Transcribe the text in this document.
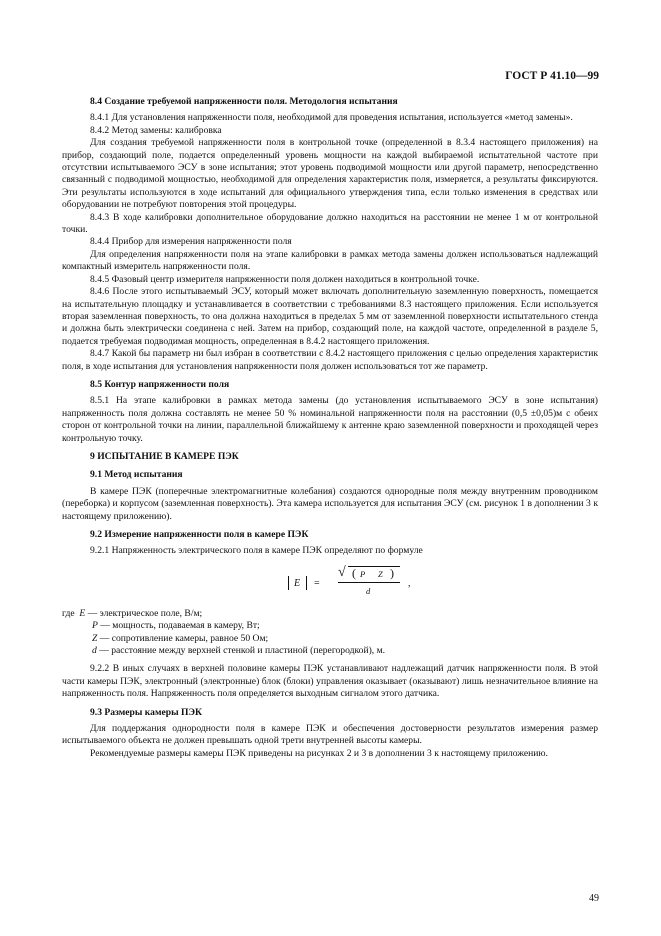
ГОСТ Р 41.10—99

8.4 Создание требуемой напряженности поля. Методология испытания

8.4.1 Для установления напряженности поля, необходимой для проведения испытания, используется «метод замены».

8.4.2 Метод замены: калибровка

Для создания требуемой напряженности поля в контрольной точке (определенной в 8.3.4 настоящего приложения) на прибор, создающий поле, подается определенный уровень мощности на каждой выбираемой испытательной частоте при отсутствии испытываемого ЭСУ в зоне испытания; этот уровень подводимой мощности или другой параметр, непосредственно связанный с подводимой мощностью, необходимой для определения характеристик поля, измеряется, а результаты фиксируются. Эти результаты используются в ходе испытаний для официального утверждения типа, если только изменения в средствах или оборудовании не потребуют повторения этой процедуры.

8.4.3 В ходе калибровки дополнительное оборудование должно находиться на расстоянии не менее 1 м от контрольной точки.

8.4.4 Прибор для измерения напряженности поля

Для определения напряженности поля на этапе калибровки в рамках метода замены должен использоваться надлежащий компактный измеритель напряженности поля.

8.4.5 Фазовый центр измерителя напряженности поля должен находиться в контрольной точке.

8.4.6 После этого испытываемый ЭСУ, который может включать дополнительную заземленную поверхность, помещается на испытательную площадку и устанавливается в соответствии с требованиями 8.3 настоящего приложения. Если используется вторая заземленная поверхность, то она должна находиться в пределах 5 мм от заземленной поверхности испытательного стенда и должна быть электрически соединена с ней. Затем на прибор, создающий поле, на каждой частоте, определенной в разделе 5, подается требуемая подводимая мощность, определенная в 8.4.2 настоящего приложения.

8.4.7 Какой бы параметр ни был избран в соответствии с 8.4.2 настоящего приложения с целью определения характеристик поля, в ходе испытания для установления напряженности поля должен использоваться тот же параметр.

8.5 Контур напряженности поля

8.5.1 На этапе калибровки в рамках метода замены (до установления испытываемого ЭСУ в зоне испытания) напряженность поля должна составлять не менее 50 % номинальной напряженности поля на расстоянии (0,5 ±0,05)м с обеих сторон от контрольной точки на линии, параллельной ближайшему к антенне краю заземленной поверхности и проходящей через контрольную точку.

9 ИСПЫТАНИЕ В КАМЕРЕ ПЭК

9.1 Метод испытания

В камере ПЭК (поперечные электромагнитные колебания) создаются однородные поля между внутренним проводником (переборка) и корпусом (заземленная поверхность). Эта камера используется для испытания ЭСУ (см. рисунок 1 в дополнении 3 к настоящему приложению).

9.2 Измерение напряженности поля в камере ПЭК

9.2.1 Напряженность электрического поля в камере ПЭК определяют по формуле

E =
√ ( P Z )
d
,

где E — электрическое поле, В/м;

P — мощность, подаваемая в камеру, Вт;

Z — сопротивление камеры, равное 50 Ом;

d — расстояние между верхней стенкой и пластиной (перегородкой), м.

9.2.2 В иных случаях в верхней половине камеры ПЭК устанавливают надлежащий датчик напряженности поля. В этой части камеры ПЭК, электронный (электронные) блок (блоки) управления оказывает (оказывают) лишь незначительное влияние на напряженность поля. Напряженность поля определяется выходным сигналом этого датчика.

9.3 Размеры камеры ПЭК

Для поддержания однородности поля в камере ПЭК и обеспечения достоверности результатов измерения размер испытываемого объекта не должен превышать одной трети внутренней высоты камеры.

Рекомендуемые размеры камеры ПЭК приведены на рисунках 2 и 3 в дополнении 3 к настоящему приложению.

49
